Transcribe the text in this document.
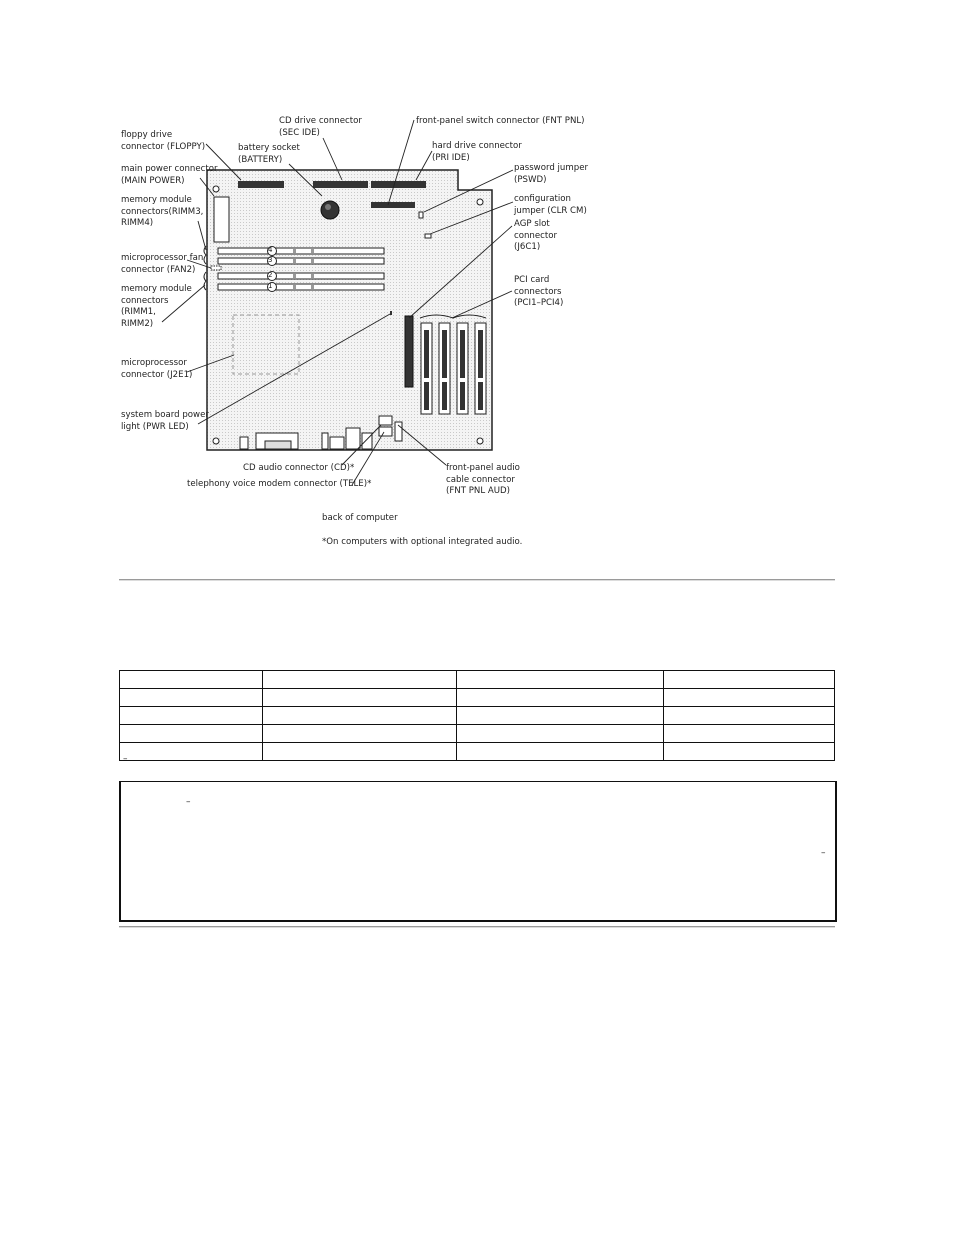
floppy drive
connector (FLOPPY)	battery socket
(BATTERY)
CD drive connector
(SEC IDE)
front-panel switch connector (FNT PNL)
hard drive connector
(PRI IDE)
password jumper
(PSWD)
configuration
jumper (CLR CM)
AGP slot
connector
(J6C1)
PCI card
connectors
(PCI1–PCI4)
main power connector
(MAIN POWER)
memory module
connectors(RIMM3,
RIMM4)
microprocessor fan
connector (FAN2)
memory module
connectors
(RIMM1,
RIMM2)
microprocessor
connector (J2E1)
system board power
light (PWR LED)
CD audio connector (CD)*
telephony voice modem connector (TELE)*
front-panel audio
cable connector
(FNT PNL AUD)
back of computer
*On computers with optional integrated audio.
4
3
2
1

–
–
–
